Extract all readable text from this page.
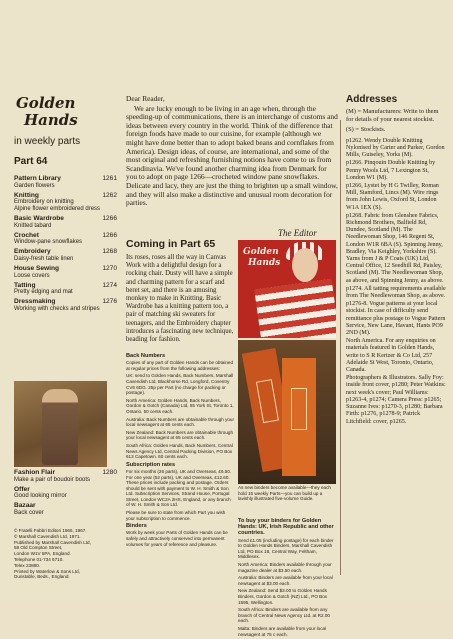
Golden
Hands
in weekly parts
Part 64
Pattern Library	1261
Garden flowers
Knitting	1262
Embroidery on knitting
Alpine flower embroidered dress
Basic Wardrobe	1266
Knitted tabard
Crochet	1266
Window-pane snowflakes
Embroidery	1268
Daisy-fresh table linen
House Sewing	1270
Loose covers
Tatting	1274
Pretty edging and mat
Dressmaking	1276
Working with checks and stripes
Fashion Flair	1280
Make a pair of boudoir boots
Offer
Good looking mirror
Bazaar
Back cover
© Fratelli Fabbri Editori 1966, 1967.
© Marshall Cavendish Ltd, 1971.
Published by Marshall Cavendish Ltd,
58 Old Compton Street,
London W1V 5PA, England.
Telephone 01-734 6710.
Telex 23880.
Printed by Waterlow & Sons Ltd,
Dunstable, Beds., England.

Dear Reader,

We are lucky enough to be living in an age when, through the speeding-up of communications, there is an interchange of customs and ideas between every country in the world. Think of the difference that foreign foods have made to our cuisine, for example (although we might have done better than to adopt baked beans and cornflakes from America). Design ideas, of course, are international, and some of the most original and refreshing furnishing notions have come to us from Scandinavia. We've found another charming idea from Denmark for you to adopt on page 1266—crocheted window pane snowflakes. Delicate and lacy, they are just the thing to brighten up a small window, and they will also make a distinctive and unusual room decoration for parties.

The Editor
Coming in Part 65
Its roses, roses all the way in Canvas Work with a delightful design for a rocking chair. Dusty will have a simple and charming pattern for a scarf and beret set, and there is an amusing monkey to make in Knitting. Basic Wardrobe has a knitting pattern too, a pair of matching ski sweaters for teenagers, and the Embroidery chapter introduces a fascinating new technique, beading for fashion.
Back Numbers

Copies of any part of Golden Hands can be obtained at regular prices from the following addresses:

UK: send to Golden Hands, Back Numbers, Marshall Cavendish Ltd, Blackhorse Rd, Longford, Coventry CV6 6DG. 25p per Part (no charge for packing or postage).

North America: Golden Hands, Back Numbers, Gordon & Gotch (Canada) Ltd, 55 York St, Toronto 1, Ontario. 50 cents each.

Australia: Back Numbers are obtainable through your local newsagent at 65 cents each.

New Zealand: Back Numbers are obtainable through your local newsagent at 65 cents each.

South Africa: Golden Hands, Back Numbers, Central News Agency Ltd, Central Packing Division, PO Box 613 Capetown. 60 cents each.

Subscription rates

For six months (26 parts), UK and Overseas, £6.50. For one year (52 parts), UK and Overseas, £12.60. These prices include packing and postage. Orders should be sent with payment to W. H. Smith & Son Ltd. Subscription Services, Strand House, Portugal Street, London WC2A 2HS, England, or any branch of W. H. Smith & Son Ltd.

Please be sure to state from which Part you wish your subscription to commence.

Binders

Work by week your Parts of Golden Hands can be safely and attractively conserved into permanent volumes for years of reference and pleasure.

Golden
Hands
As new binders become available—they each hold 15 weekly Parts—you can build up a lavishly illustrated five-volume Guide.
To buy your binders for Golden Hands: UK, Irish Republic and other countries.

Send £1.05 (including postage) for each binder to Golden Hands Binders, Marshall Cavendish Ltd, PO Box 18, Central Way, Feltham, Middlesex.

North America: Binders available through your magazine dealer at $3.50 each.

Australia: Binders are available from your local newsagent at $3.00 each.

New Zealand: Send $3.00 to Golden Hands Binders, Gordon & Gotch (NZ) Ltd., PO Box 1595, Wellington.

South Africa: Binders are available from any branch of Central News Agency Ltd. at R2.00 each.

Malta: Binders are available from your local newsagent at 75 c each.

Addresses

(M) = Manufacturers: Write to them for details of your nearest stockist.

(S) = Stockists.

p1262. Wendy Double Knitting Nylonised by Carter and Parker, Gordon Mills, Guiseley, Yorks (M).

p1266. Pinqouin Double Knitting by Penny Wools Ltd, 7 Lexington St, London W1 (M).

p1266, Lystet by H G Twilley, Roman Mill, Stamford, Lincs (M). Wire rings from John Lewis, Oxford St, London W1A 1EX (S).

p1268. Fabric from Glenshee Fabrics, Richmond Brothers, Balfield Rd, Dundee, Scotland (M). The Needlewoman Shop, 146 Regent St, London W1R 6BA (S). Spinning Jenny, Bradley, Via Keighley, Yorkshire (S). Yarns from J & P Coats (UK) Ltd, Central Office, 12 Seedhill Rd, Paisley, Scotland (M). The Needlewoman Shop, as above, and Spinning Jenny, as above.

p1274. All tatting requirements available from The Needlewoman Shop, as above.

p1276-8. Vogue patterns at your local stockist. In case of difficulty send remittance plus postage to Vogue Pattern Service, New Lane, Havant, Hants PO9 2ND (M).

North America. For any enquiries on materials featured in Golden Hands, write to S R Kertzer & Co Ltd, 257 Adelaide St West, Toronto, Ontario, Canada.

Photographers & Illustrators. Sally Foy: inside front cover, p1280; Peter Watkins: next week's cover; Paul Williams: p1263-4, p1274; Camera Press: p1265; Suzanne Ives: p1270-3, p1280; Barbara Firth: p1276, p1278-9; Patrick Litchfield: cover, p1265.
